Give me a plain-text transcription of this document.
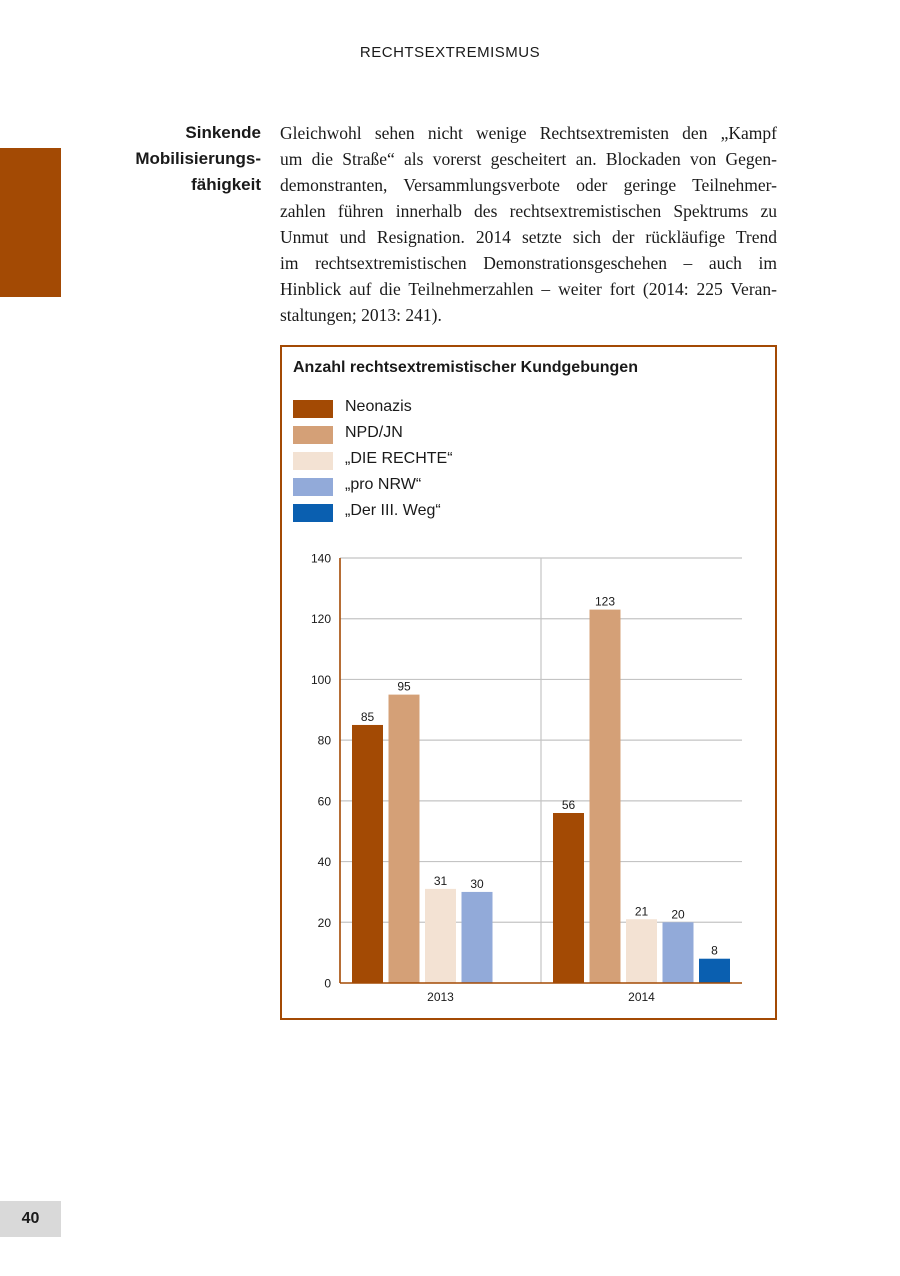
RECHTSEXTREMISMUS
Sinkende
Mobilisierungs-
fähigkeit
Gleichwohl sehen nicht wenige Rechtsextremisten den „Kampf
um die Straße“ als vorerst gescheitert an. Blockaden von Gegen-
demonstranten, Versammlungsverbote oder geringe Teilnehmer-
zahlen führen innerhalb des rechtsextremistischen Spektrums zu
Unmut und Resignation. 2014 setzte sich der rückläufige Trend
im rechtsextremistischen Demonstrationsgeschehen – auch im
Hinblick auf die Teilnehmerzahlen – weiter fort (2014: 225 Veran-
staltungen; 2013: 241).
Anzahl rechtsextremistischer Kundgebungen
Neonazis
NPD/JN
„DIE RECHTE“
„pro NRW“
„Der III. Weg“
0
20
40
60
80
100
120
140
85
95
31 30
2013
56
123
21 20
8
2014
40
